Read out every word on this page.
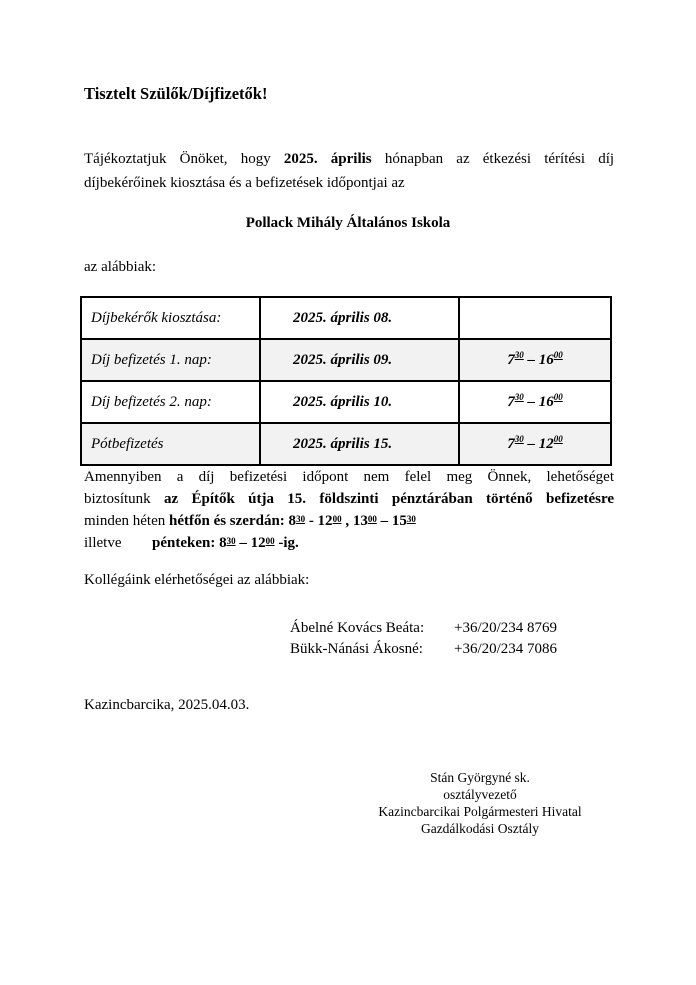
Tisztelt Szülők/Díjfizetők!
Tájékoztatjuk Önöket, hogy 2025. április hónapban az étkezési térítési díj
díjbekérőinek kiosztása és a befizetések időpontjai az
Pollack Mihály Általános Iskola
az alábbiak:
Díjbekérők kiosztása:	2025. április 08.	
Díj befizetés 1. nap:	2025. április 09.	$7^{30} - 16^{00}$
Díj befizetés 2. nap:	2025. április 10.	$7^{30} - 16^{00}$
Pótbefizetés	2025. április 15.	$7^{30} - 12^{00}$
Amennyiben a díj befizetési időpont nem felel meg Önnek, lehetőséget
biztosítunk az Építők útja 15. földszinti pénztárában történő befizetésre
minden héten hétfőn és szerdán: $8^{30} - 12^{00}$ , $13^{00} - 15^{30}$
illetve pénteken: $8^{30} - 12^{00}$ -ig.
Kollégáink elérhetőségei az alábbiak:
Ábelné Kovács Beáta: +36/20/234 8769
Bükk-Nánási Ákosné: +36/20/234 7086
Kazincbarcika, 2025.04.03.
Stán Györgyné sk.
osztályvezető
Kazincbarcikai Polgármesteri Hivatal
Gazdálkodási Osztály
